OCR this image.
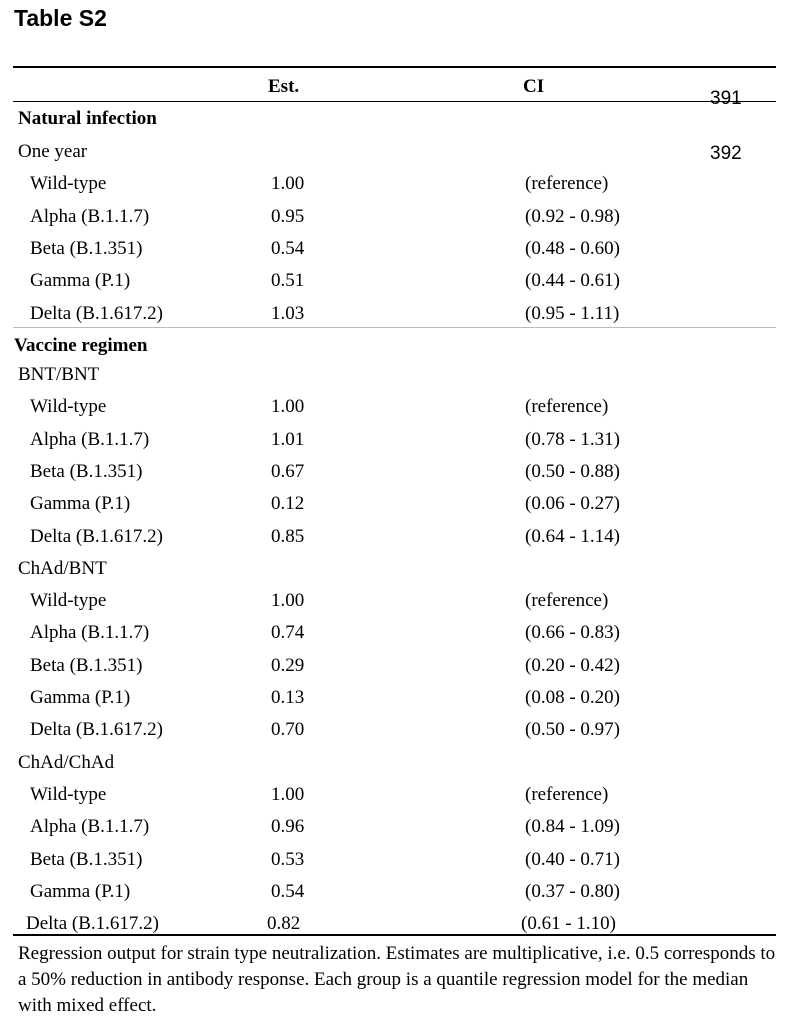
Table S2
Est.	CI
391
392
Natural infection
One year
Wild-type	1.00	(reference)
Alpha (B.1.1.7)	0.95	(0.92 - 0.98)
Beta (B.1.351)	0.54	(0.48 - 0.60)
Gamma (P.1)	0.51	(0.44 - 0.61)
Delta (B.1.617.2)	1.03	(0.95 - 1.11)
Vaccine regimen
BNT/BNT
Wild-type	1.00	(reference)
Alpha (B.1.1.7)	1.01	(0.78 - 1.31)
Beta (B.1.351)	0.67	(0.50 - 0.88)
Gamma (P.1)	0.12	(0.06 - 0.27)
Delta (B.1.617.2)	0.85	(0.64 - 1.14)
ChAd/BNT
Wild-type	1.00	(reference)
Alpha (B.1.1.7)	0.74	(0.66 - 0.83)
Beta (B.1.351)	0.29	(0.20 - 0.42)
Gamma (P.1)	0.13	(0.08 - 0.20)
Delta (B.1.617.2)	0.70	(0.50 - 0.97)
ChAd/ChAd
Wild-type	1.00	(reference)
Alpha (B.1.1.7)	0.96	(0.84 - 1.09)
Beta (B.1.351)	0.53	(0.40 - 0.71)
Gamma (P.1)	0.54	(0.37 - 0.80)
Delta (B.1.617.2)	0.82	(0.61 - 1.10)

Regression output for strain type neutralization. Estimates are multiplicative, i.e. 0.5 corresponds to a 50% reduction in antibody response. Each group is a quantile regression model for the median with mixed effect.
